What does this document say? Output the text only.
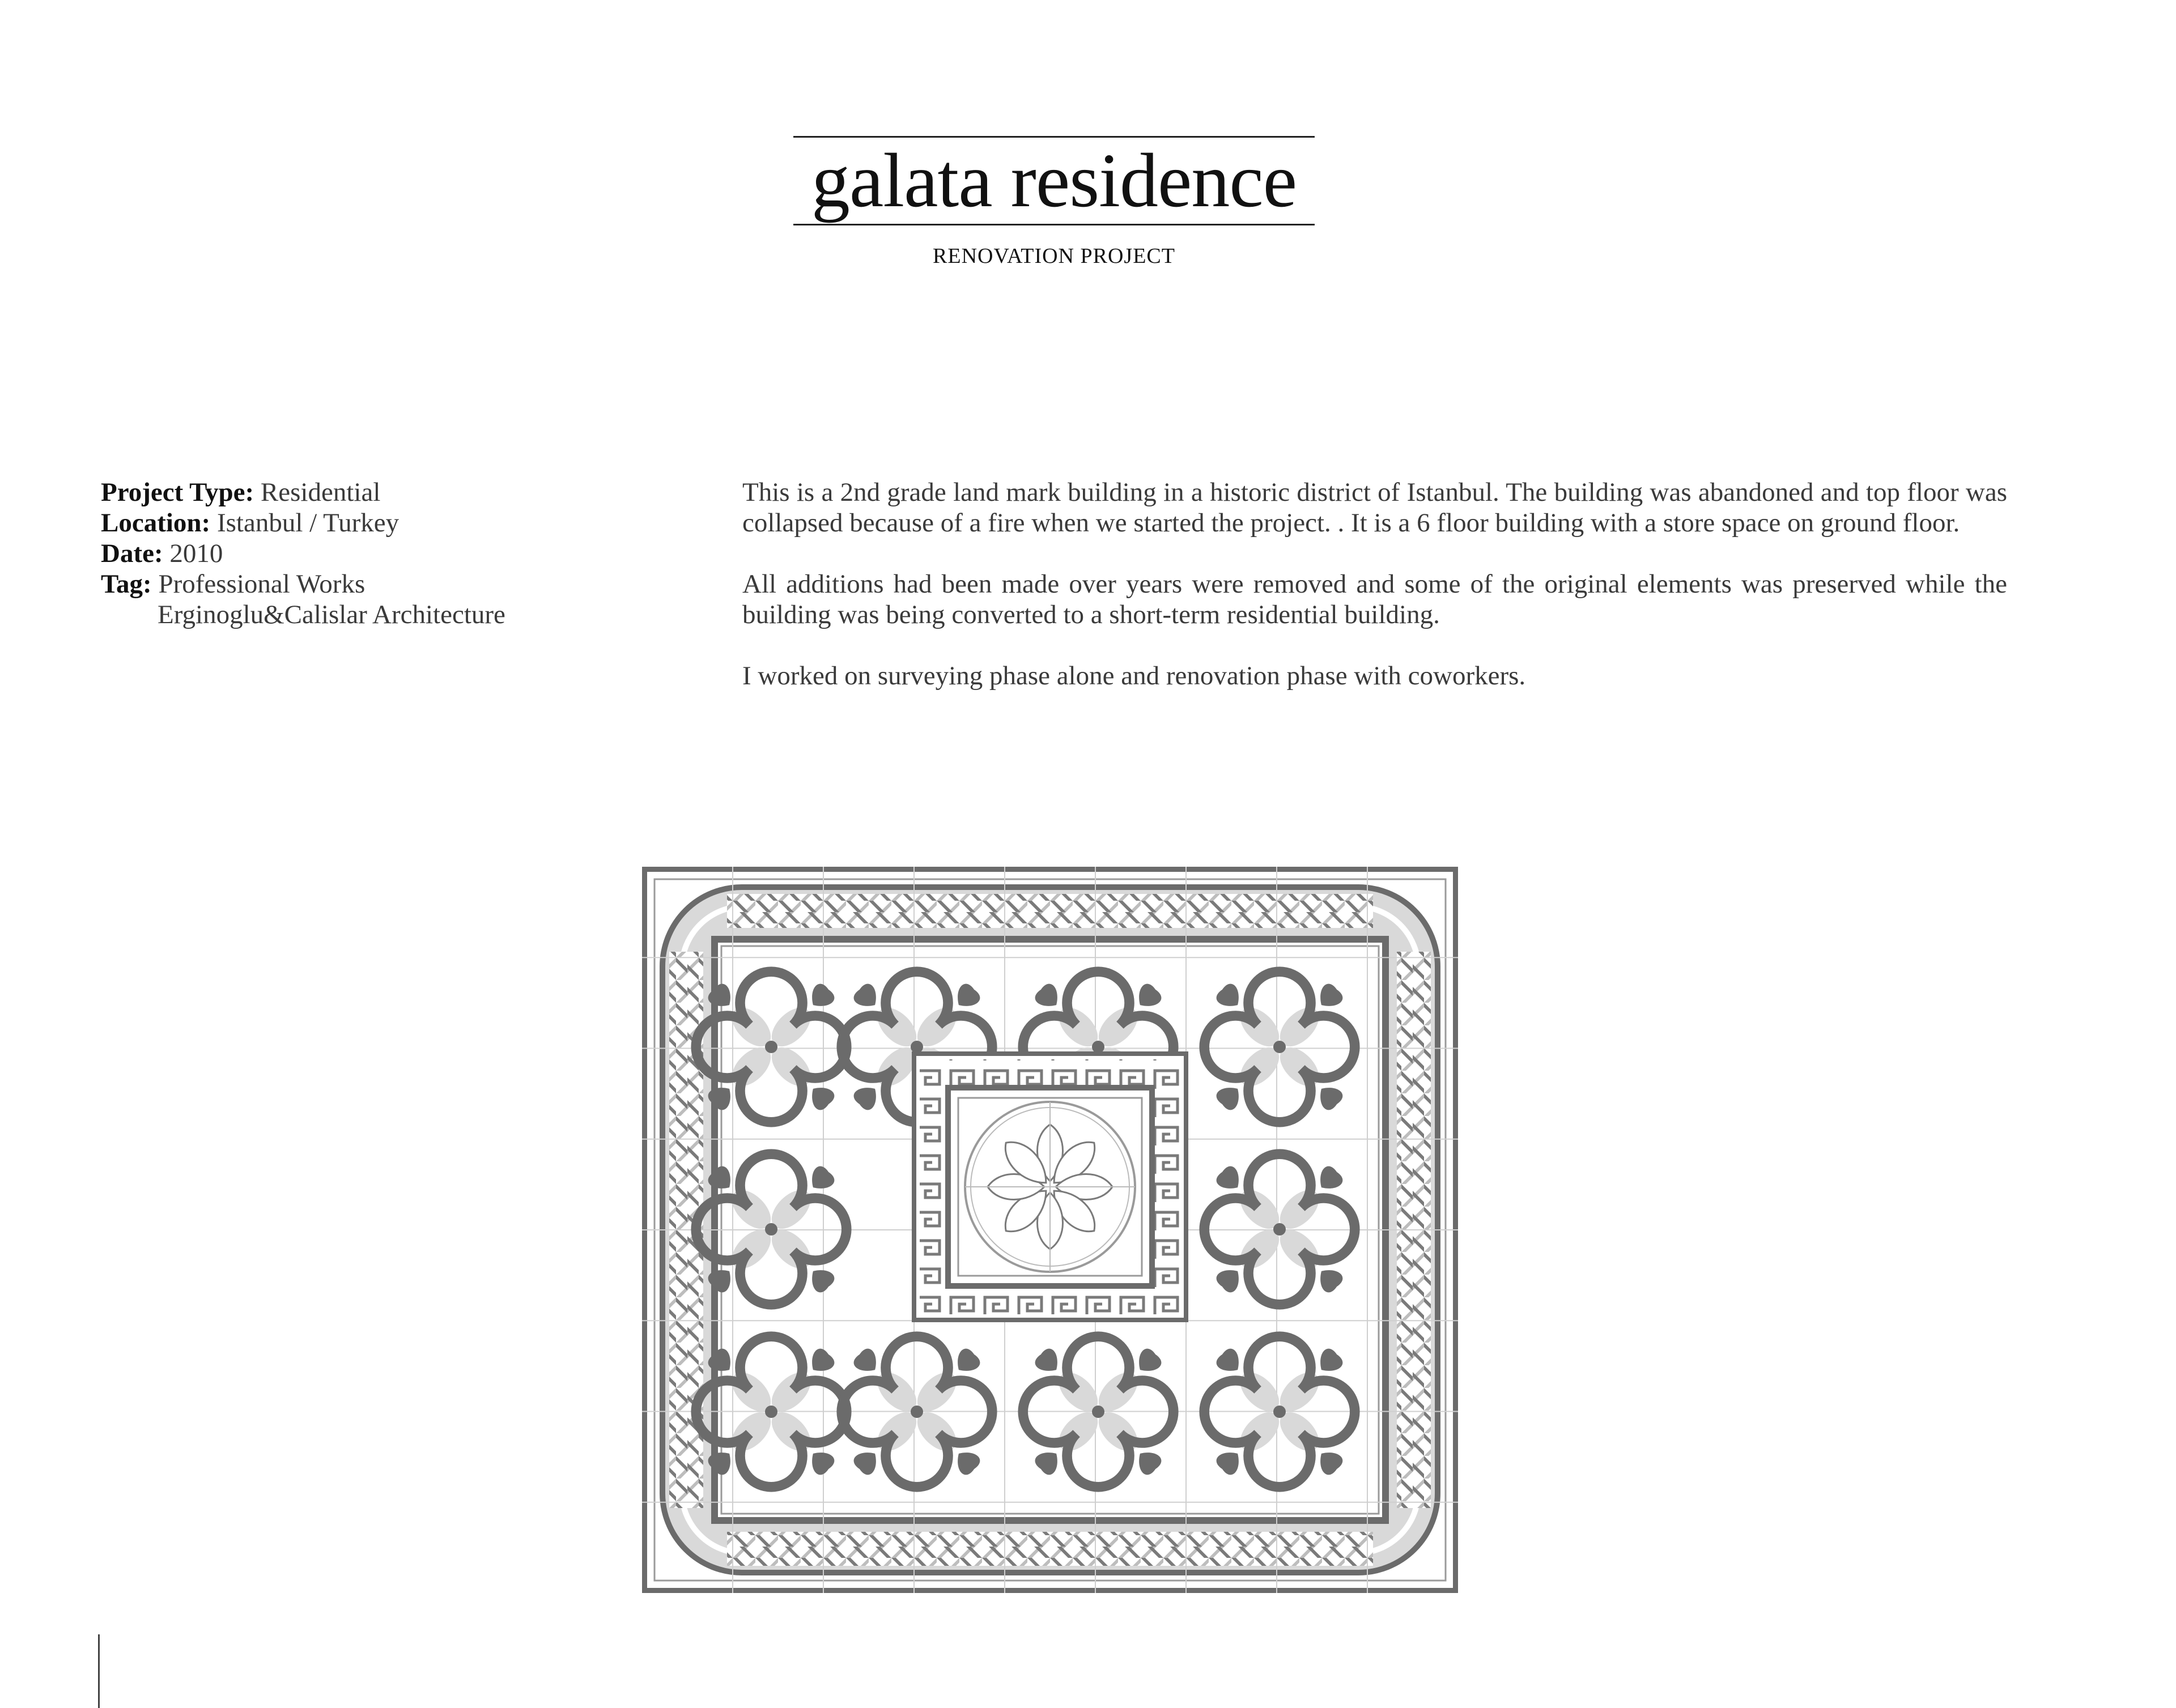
galata residence
RENOVATION PROJECT
Project Type: Residential
Location: Istanbul / Turkey
Date: 2010
Tag: Professional Works
Erginoglu&Calislar Architecture

This is a 2nd grade land mark building in a historic district of Istanbul. The building was abandoned and top floor was collapsed because of a fire when we started the project. . It is a 6 floor building with a store space on ground floor.

All additions had been made over years were removed and some of the original elements was preserved while the building was being converted to a short-term residential building.

I worked on surveying phase alone and renovation phase with coworkers.
